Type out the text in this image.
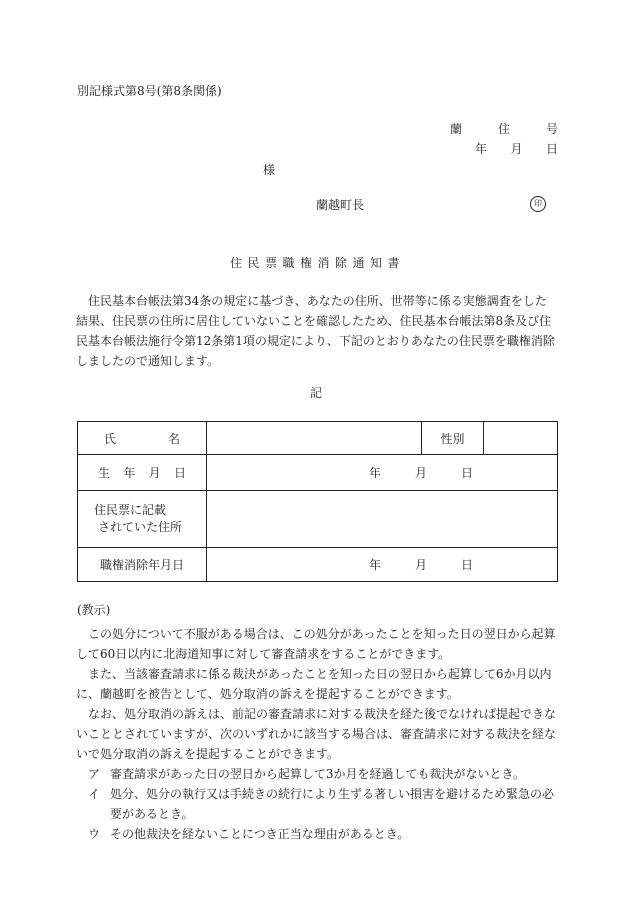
別記様式第8号(第8条関係)
蘭	住	号
年 月 日
様
蘭越町長	印
住民票職権消除通知書

住民基本台帳法第34条の規定に基づき、あなたの住所、世帯等に係る実態調査をした結果、住民票の住所に居住していないことを確認したため、住民基本台帳法第8条及び住民基本台帳法施行令第12条第1項の規定により、下記のとおりあなたの住民票を職権消除しましたので通知します。

記
氏 名		性別	

生 年 月 日	年 月 日		

住民票に記載
されていた住所			

職権消除年月日	年 月 日		
(教示)

この処分について不服がある場合は、この処分があったことを知った日の翌日から起算して60日以内に北海道知事に対して審査請求をすることができます。

また、当該審査請求に係る裁決があったことを知った日の翌日から起算して6か月以内に、蘭越町を被告として、処分取消の訴えを提起することができます。

なお、処分取消の訴えは、前記の審査請求に対する裁決を経た後でなければ提起できないこととされていますが、次のいずれかに該当する場合は、審査請求に対する裁決を経ないで処分取消の訴えを提起することができます。

ア 審査請求があった日の翌日から起算して3か月を経過しても裁決がないとき。
イ 処分、処分の執行又は手続きの続行により生ずる著しい損害を避けるため緊急の必要があるとき。
ウ その他裁決を経ないことにつき正当な理由があるとき。
